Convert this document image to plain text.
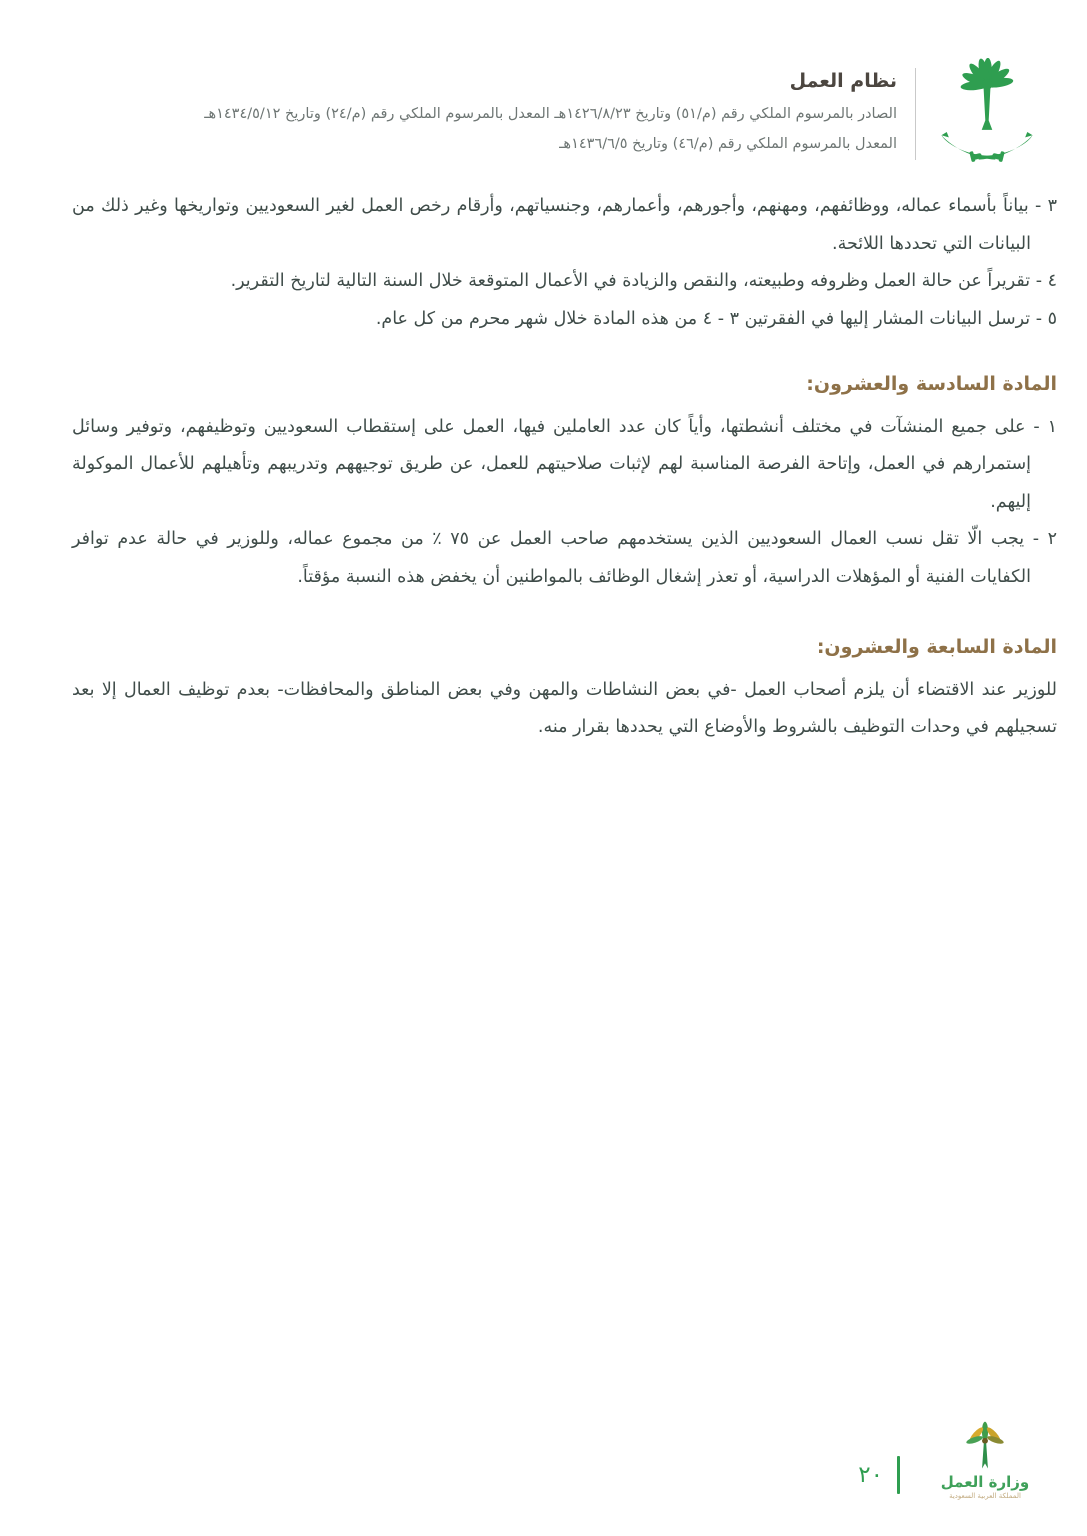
نظام العمل

الصادر بالمرسوم الملكي رقم (م/٥١) وتاريخ ١٤٢٦/٨/٢٣هـ المعدل بالمرسوم الملكي رقم (م/٢٤) وتاريخ ١٤٣٤/٥/١٢هـ

المعدل بالمرسوم الملكي رقم (م/٤٦) وتاريخ ١٤٣٦/٦/٥هـ

٣ - بياناً بأسماء عماله، ووظائفهم، ومهنهم، وأجورهم، وأعمارهم، وجنسياتهم، وأرقام رخص العمل لغير السعوديين وتواريخها وغير ذلك من البيانات التي تحددها اللائحة.

٤ - تقريراً عن حالة العمل وظروفه وطبيعته، والنقص والزيادة في الأعمال المتوقعة خلال السنة التالية لتاريخ التقرير.

٥ - ترسل البيانات المشار إليها في الفقرتين ٣ - ٤ من هذه المادة خلال شهر محرم من كل عام.

المادة السادسة والعشرون:

١ - على جميع المنشآت في مختلف أنشطتها، وأياً كان عدد العاملين فيها، العمل على إستقطاب السعوديين وتوظيفهم، وتوفير وسائل إستمرارهم في العمل، وإتاحة الفرصة المناسبة لهم لإثبات صلاحيتهم للعمل، عن طريق توجيههم وتدريبهم وتأهيلهم للأعمال الموكولة إليهم.

٢ - يجب الّا تقل نسب العمال السعوديين الذين يستخدمهم صاحب العمل عن ٧٥ ٪ من مجموع عماله، وللوزير في حالة عدم توافر الكفايات الفنية أو المؤهلات الدراسية، أو تعذر إشغال الوظائف بالمواطنين أن يخفض هذه النسبة مؤقتاً.

المادة السابعة والعشرون:

للوزير عند الاقتضاء أن يلزم أصحاب العمل -في بعض النشاطات والمهن وفي بعض المناطق والمحافظات- بعدم توظيف العمال إلا بعد تسجيلهم في وحدات التوظيف بالشروط والأوضاع التي يحددها بقرار منه.

وزارة العمل

المملكة العربية السعودية

٢٠
